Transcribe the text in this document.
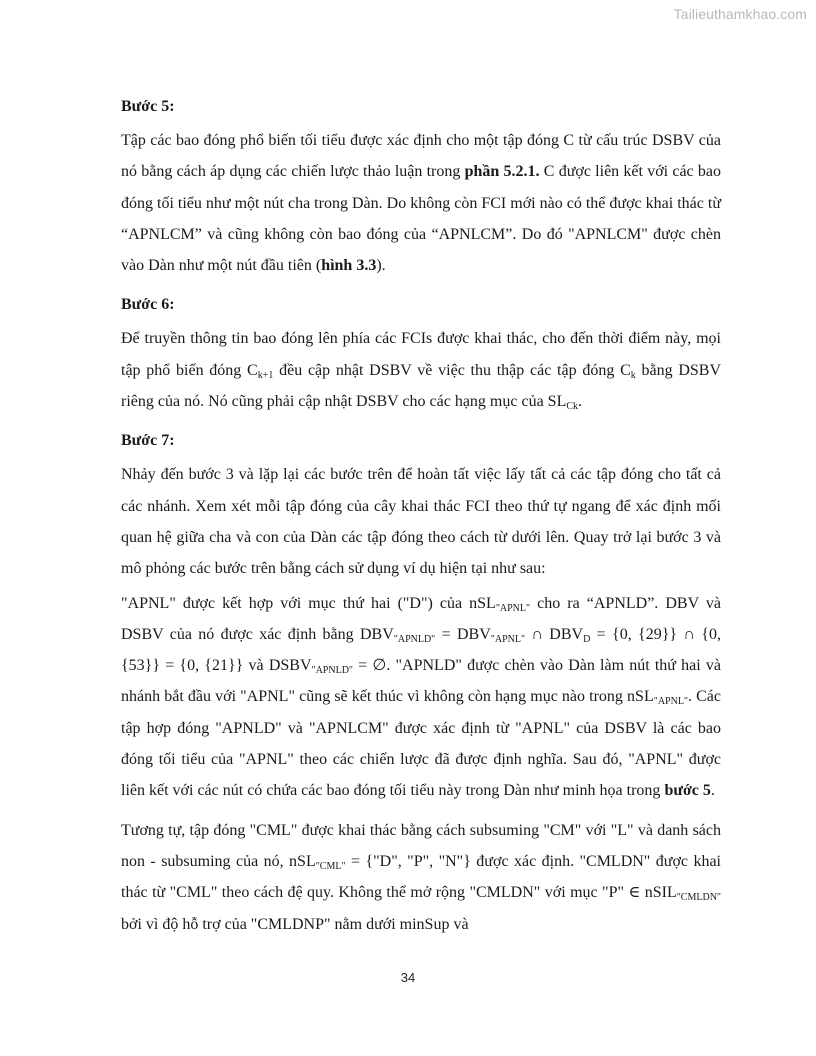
Tailieuthamkhao.com

Bước 5:

Tập các bao đóng phổ biến tối tiểu được xác định cho một tập đóng C từ cấu trúc DSBV của nó bằng cách áp dụng các chiến lược thảo luận trong phần 5.2.1. C được liên kết với các bao đóng tối tiểu như một nút cha trong Dàn. Do không còn FCI mới nào có thể được khai thác từ “APNLCM” và cũng không còn bao đóng của “APNLCM”. Do đó "APNLCM" được chèn vào Dàn như một nút đầu tiên (hình 3.3).

Bước 6:

Để truyền thông tin bao đóng lên phía các FCIs được khai thác, cho đến thời điểm này, mọi tập phổ biến đóng $C_{k+1}$ đều cập nhật DSBV về việc thu thập các tập đóng $C_k$ bằng DSBV riêng của nó. Nó cũng phải cập nhật DSBV cho các hạng mục của $SL_{Ck}$.

Bước 7:

Nhảy đến bước 3 và lặp lại các bước trên để hoàn tất việc lấy tất cả các tập đóng cho tất cả các nhánh. Xem xét mỗi tập đóng của cây khai thác FCI theo thứ tự ngang để xác định mối quan hệ giữa cha và con của Dàn các tập đóng theo cách từ dưới lên. Quay trở lại bước 3 và mô phỏng các bước trên bằng cách sử dụng ví dụ hiện tại như sau:

"APNL" được kết hợp với mục thứ hai ("D") của nSL$_{"APNL"}$ cho ra “APNLD”. DBV và DSBV của nó được xác định bằng $DBV_{"APNLD"} = DBV_{"APNL"}$ ∩ $DBV_D = \{0$, {29}} ∩ {0, {53}} = {0, {21}} và $DSBV_{"APNLD"}$ = ∅. "APNLD" được chèn vào Dàn làm nút thứ hai và nhánh bắt đầu với "APNL" cũng sẽ kết thúc vì không còn hạng mục nào trong nSL$_{"APNL"}$. Các tập hợp đóng "APNLD" và "APNLCM" được xác định từ "APNL" của DSBV là các bao đóng tối tiểu của "APNL" theo các chiến lược đã được định nghĩa. Sau đó, "APNL" được liên kết với các nút có chứa các bao đóng tối tiểu này trong Dàn như minh họa trong bước 5.

Tương tự, tập đóng "CML" được khai thác bằng cách subsuming "CM" với "L" và danh sách non - subsuming của nó, nSL$_{"CML"}$ = {"D", "P", "N"} được xác định. "CMLDN" được khai thác từ "CML" theo cách đệ quy. Không thể mở rộng "CMLDN" với mục "P" ∈ nSIL$_{"CMLDN"}$ bởi vì độ hỗ trợ của "CMLDNP" nằm dưới minSup và

34
